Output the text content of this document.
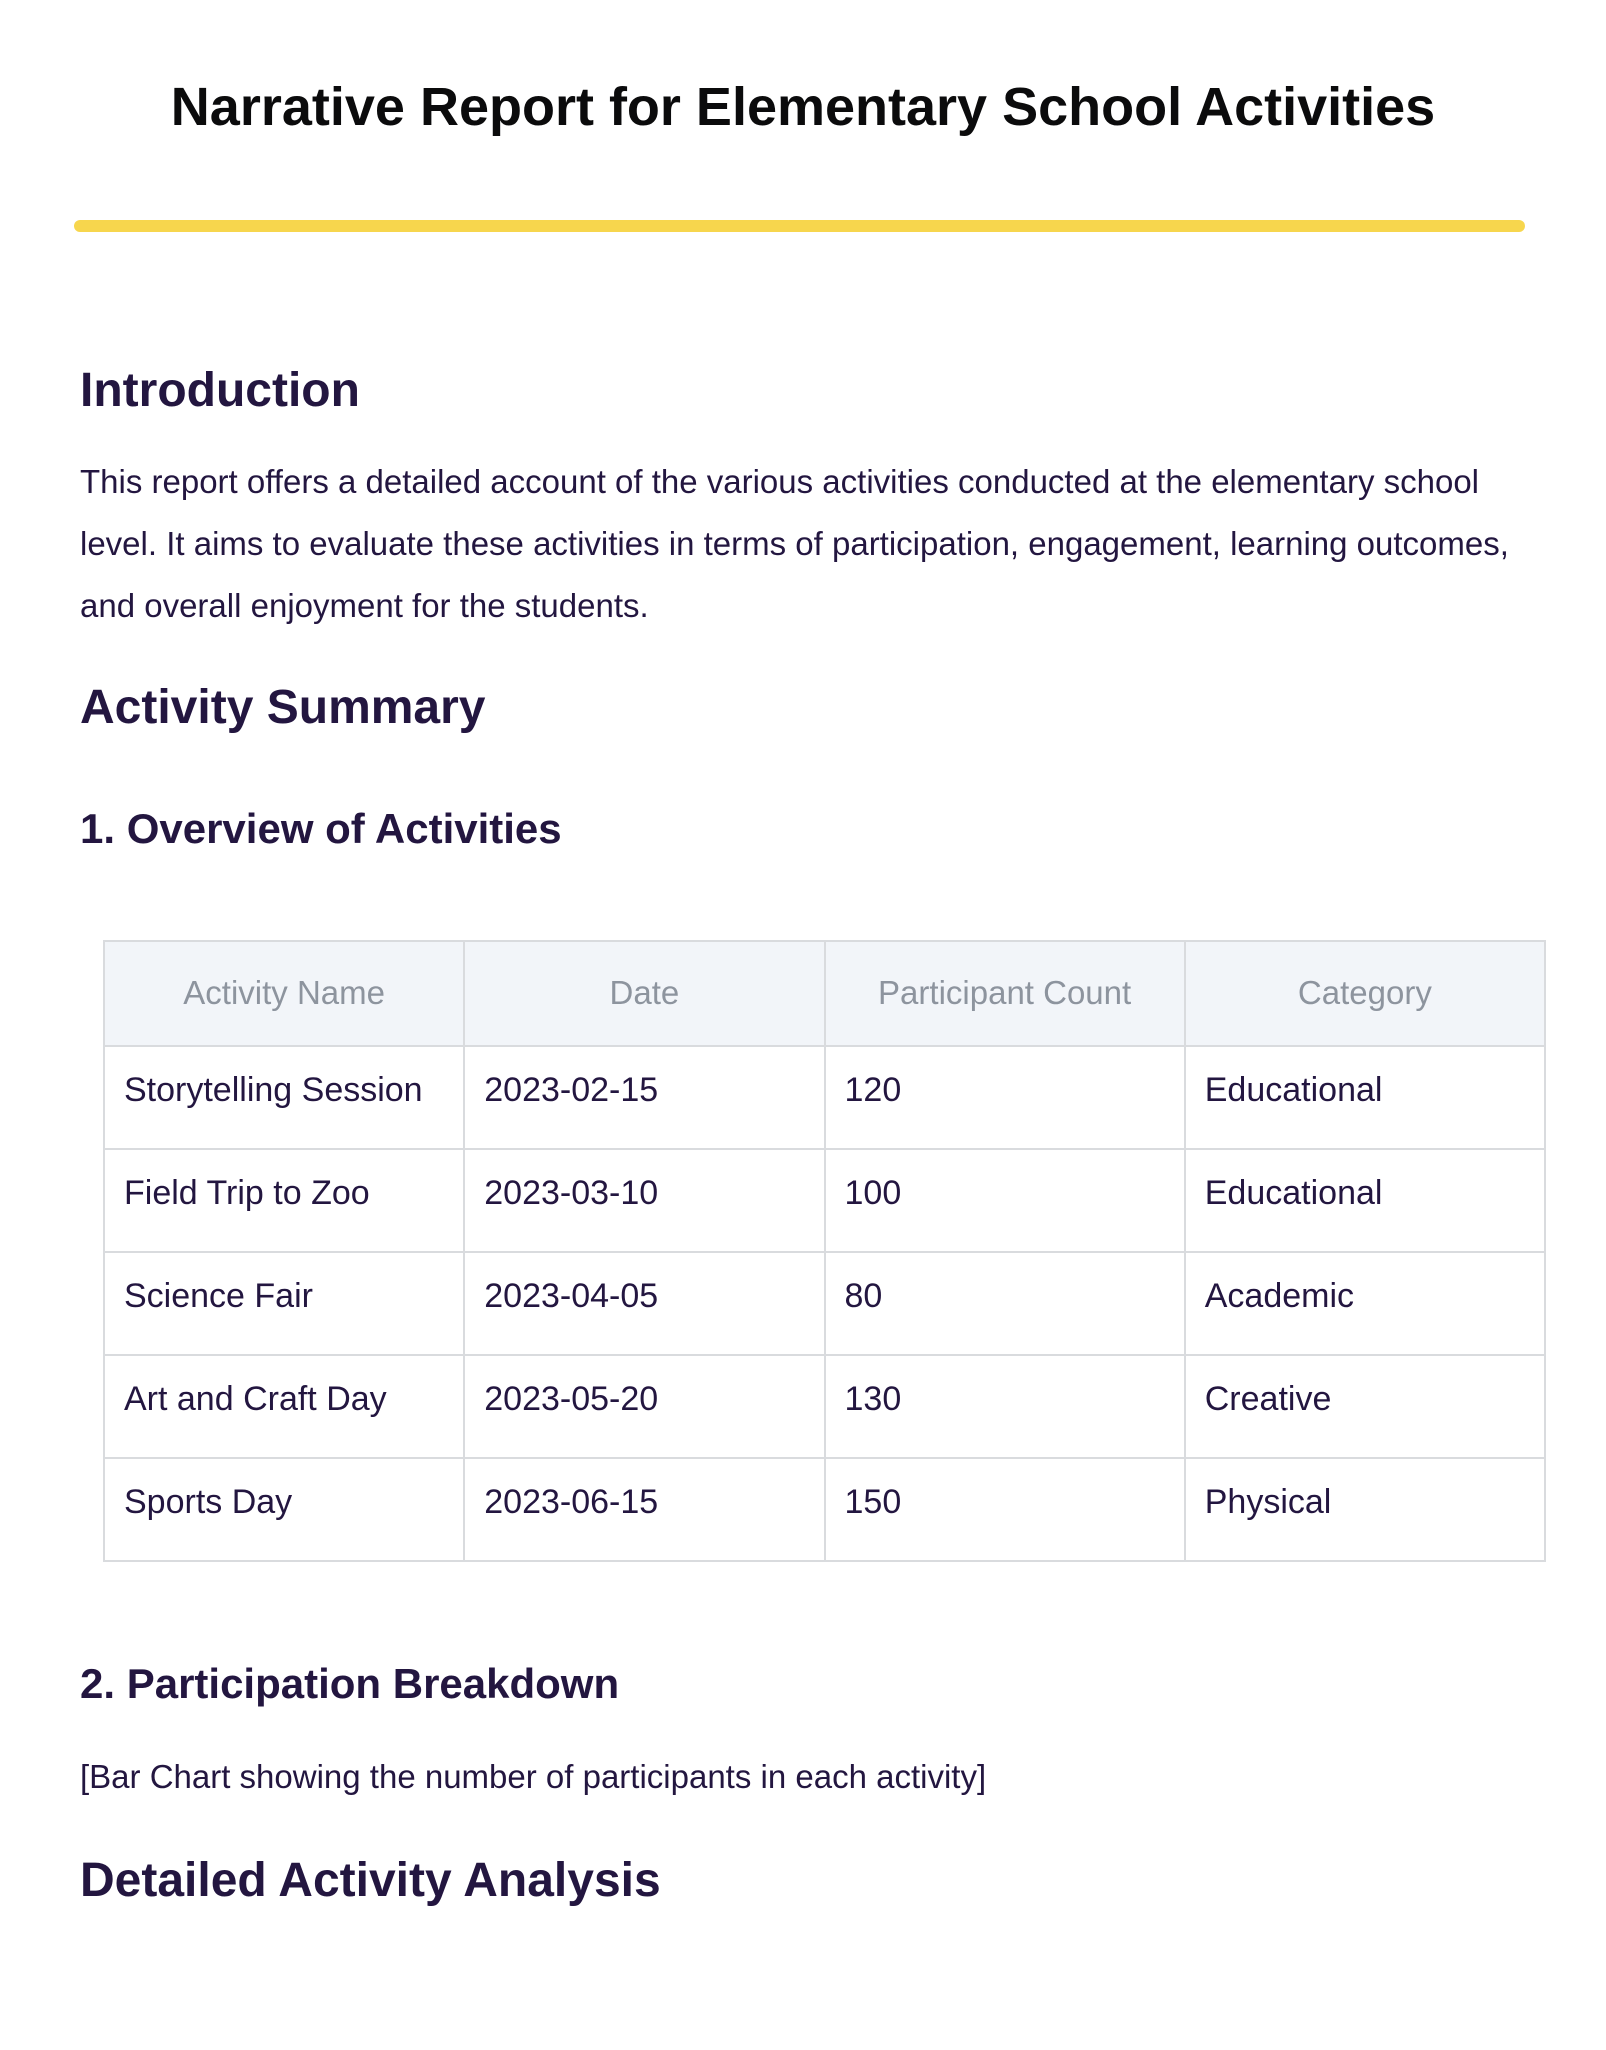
Narrative Report for Elementary School Activities
Introduction

This report offers a detailed account of the various activities conducted at the elementary school level. It aims to evaluate these activities in terms of participation, engagement, learning outcomes, and overall enjoyment for the students.

Activity Summary
1. Overview of Activities
Activity Name	Date	Participant Count	Category
Storytelling Session	2023-02-15	120	Educational
Field Trip to Zoo	2023-03-10	100	Educational
Science Fair	2023-04-05	80	Academic
Art and Craft Day	2023-05-20	130	Creative
Sports Day	2023-06-15	150	Physical
2. Participation Breakdown

[Bar Chart showing the number of participants in each activity]

Detailed Activity Analysis
